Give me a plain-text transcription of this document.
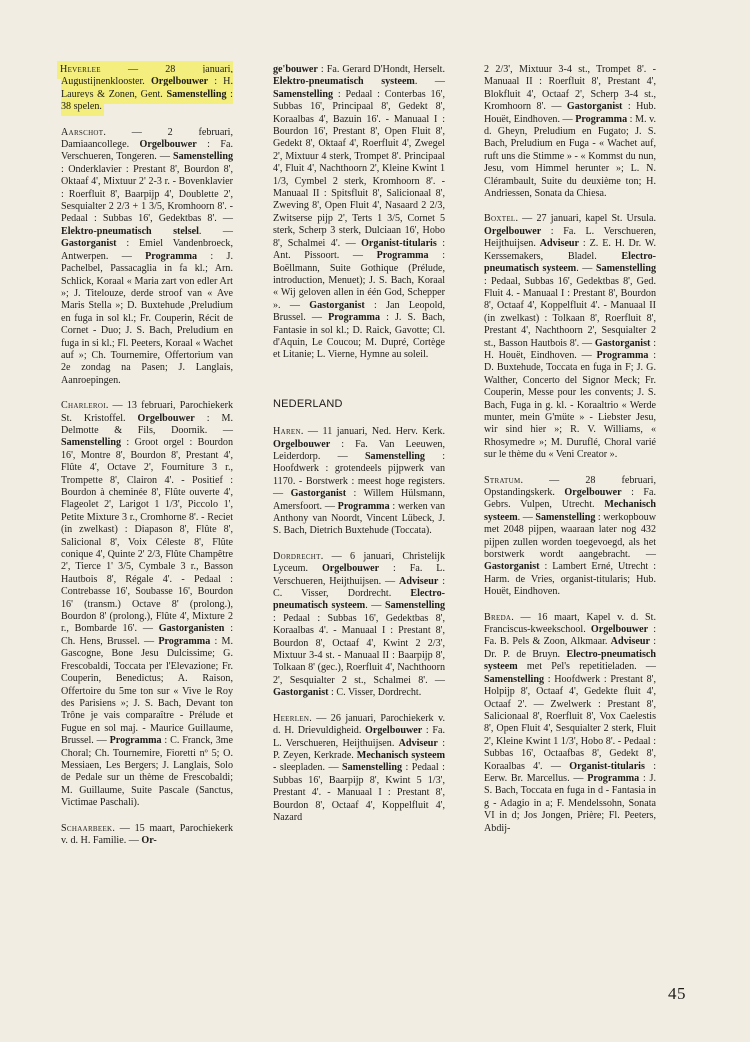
Heverlee — 28 januari, Augustijnenklooster. Orgelbouwer : H. Laureys & Zonen, Gent. Samenstelling : 38 spelen.

Aarschot. — 2 februari, Damiaancollege. Orgelbouwer : Fa. Verschueren, Tongeren. — Samenstelling : Onderklavier : Prestant 8', Bourdon 8', Oktaaf 4', Mixtuur 2' 2-3 r. - Bovenklavier : Roerfluit 8', Baarpijp 4', Doublette 2', Sesquialter 2 2/3 + 1 3/5, Kromhoorn 8'. - Pedaal : Subbas 16', Gedektbas 8'. — Elektro-pneumatisch stelsel. — Gastorganist : Emiel Vandenbroeck, Antwerpen. — Programma : J. Pachelbel, Passacaglia in fa kl.; Arn. Schlick, Koraal « Maria zart von edler Art »; J. Titelouze, derde stroof van « Ave Maris Stella »; D. Buxtehude ,Preludium en fuga in sol kl.; Fr. Couperin, Récit de Cornet - Duo; J. S. Bach, Preludium en fuga in si kl.; Fl. Peeters, Koraal « Wachet auf »; Ch. Tournemire, Offertorium van 2e zondag na Pasen; J. Langlais, Aanroepingen.

Charleroi. — 13 februari, Parochiekerk St. Kristoffel. Orgelbouwer : M. Delmotte & Fils, Doornik. — Samenstelling : Groot orgel : Bourdon 16', Montre 8', Bourdon 8', Prestant 4', Flûte 4', Octave 2', Fourniture 3 r., Trompette 8', Clairon 4'. - Positief : Bourdon à cheminée 8', Flûte ouverte 4', Flageolet 2', Larigot 1 1/3', Piccolo 1', Petite Mixture 3 r., Cromhorne 8'. - Reciet (in zwelkast) : Diapason 8', Flûte 8', Salicional 8', Voix Céleste 8', Flûte conique 4', Quinte 2' 2/3, Flûte Champêtre 2', Tierce 1' 3/5, Cymbale 3 r., Basson Hautbois 8', Régale 4'. - Pedaal : Contrebasse 16', Soubasse 16', Bourdon 16' (transm.) Octave 8' (prolong.), Bourdon 8' (prolong.), Flûte 4', Mixture 2 r., Bombarde 16'. — Gastorganisten : Ch. Hens, Brussel. — Programma : M. Gascogne, Bone Jesu Dulcissime; G. Frescobaldi, Toccata per l'Elevazione; Fr. Couperin, Benedictus; A. Raison, Offertoire du 5me ton sur « Vive le Roy des Parisiens »; J. S. Bach, Devant ton Trône je vais comparaître - Prélude et Fugue en sol maj. - Maurice Guillaume, Brussel. — Programma : C. Franck, 3me Choral; Ch. Tournemire, Fioretti nº 5; O. Messiaen, Les Bergers; J. Langlais, Solo de Pedale sur un thème de Frescobaldi; M. Guillaume, Suite Pascale (Sanctus, Victimae Paschali).

Schaarbeek. — 15 maart, Parochiekerk v. d. H. Familie. — Or-

ge'bouwer : Fa. Gerard D'Hondt, Herselt. Elektro-pneumatisch systeem. — Samenstelling : Pedaal : Conterbas 16', Subbas 16', Principaal 8', Gedekt 8', Koraalbas 4', Bazuin 16'. - Manuaal I : Bourdon 16', Prestant 8', Open Fluit 8', Gedekt 8', Oktaaf 4', Roerfluit 4', Zwegel 2', Mixtuur 4 sterk, Trompet 8'. Principaal 4', Fluit 4', Nachthoorn 2', Kleine Kwint 1 1/3, Cymbel 2 sterk, Kromhoorn 8'. - Manuaal II : Spitsfluit 8', Salicionaal 8', Zweving 8', Open Fluit 4', Nasaard 2 2/3, Zwitserse pijp 2', Terts 1 3/5, Cornet 5 sterk, Scherp 3 sterk, Dulciaan 16', Hobo 8', Schalmei 4'. — Organist-titularis : Ant. Pissoort. — Programma : Boëllmann, Suite Gothique (Prélude, introduction, Menuet); J. S. Bach, Koraal « Wij geloven allen in één God, Schepper ». — Gastorganist : Jan Leopold, Brussel. — Programma : J. S. Bach, Fantasie in sol kl.; D. Raick, Gavotte; Cl. d'Aquin, Le Coucou; M. Dupré, Cortège et Litanie; L. Vierne, Hymne au soleil.

NEDERLAND

Haren. — 11 januari, Ned. Herv. Kerk. Orgelbouwer : Fa. Van Leeuwen, Leiderdorp. — Samenstelling : Hoofdwerk : grotendeels pijpwerk van 1170. - Borstwerk : meest hoge registers. — Gastorganist : Willem Hülsmann, Amersfoort. — Programma : werken van Anthony van Noordt, Vincent Lübeck, J. S. Bach, Dietrich Buxtehude (Toccata).

Dordrecht. — 6 januari, Christelijk Lyceum. Orgelbouwer : Fa. L. Verschueren, Heijthuijsen. — Adviseur : C. Visser, Dordrecht. Electro-pneumatisch systeem. — Samenstelling : Pedaal : Subbas 16', Gedektbas 8', Koraalbas 4'. - Manuaal I : Prestant 8', Bourdon 8', Octaaf 4', Kwint 2 2/3', Mixtuur 3-4 st. - Manuaal II : Baarpijp 8', Tolkaan 8' (gec.), Roerfluit 4', Nachthoorn 2', Sesquialter 2 st., Schalmei 8'. — Gastorganist : C. Visser, Dordrecht.

Heerlen. — 26 januari, Parochiekerk v. d. H. Drievuldigheid. Orgelbouwer : Fa. L. Verschueren, Heijthuijsen. Adviseur : P. Zeyen, Kerkrade. Mechanisch systeem - sleepladen. — Samenstelling : Pedaal : Subbas 16', Baarpijp 8', Kwint 5 1/3', Prestant 4'. - Manuaal I : Prestant 8', Bourdon 8', Octaaf 4', Koppelfluit 4', Nazard

2 2/3', Mixtuur 3-4 st., Trompet 8'. - Manuaal II : Roerfluit 8', Prestant 4', Blokfluit 4', Octaaf 2', Scherp 3-4 st., Kromhoorn 8'. — Gastorganist : Hub. Houët, Eindhoven. — Programma : M. v. d. Gheyn, Preludium en Fugato; J. S. Bach, Preludium en Fuga - « Wachet auf, ruft uns die Stimme » - « Kommst du nun, Jesu, vom Himmel herunter »; L. N. Clérambault, Suite du deuxième ton; H. Andriessen, Sonata da Chiesa.

Boxtel. — 27 januari, kapel St. Ursula. Orgelbouwer : Fa. L. Verschueren, Heijthuijsen. Adviseur : Z. E. H. Dr. W. Kerssemakers, Bladel. Electro-pneumatisch systeem. — Samenstelling : Pedaal, Subbas 16', Gedektbas 8', Ged. Fluit 4. - Manuaal I : Prestant 8', Bourdon 8', Octaaf 4', Koppelfluit 4'. - Manuaal II (in zwelkast) : Tolkaan 8', Roerfluit 8', Prestant 4', Nachthoorn 2', Sesquialter 2 st., Basson Hautbois 8'. — Gastorganist : H. Houët, Eindhoven. — Programma : D. Buxtehude, Toccata en fuga in F; J. G. Walther, Concerto del Signor Meck; Fr. Couperin, Messe pour les convents; J. S. Bach, Fuga in g. kl. - Koraaltrio « Werde munter, mein G'müte » - Liebster Jesu, wir sind hier »; R. V. Williams, « Rhosymedre »; M. Duruflé, Choral varié sur le thème du « Veni Creator ».

Stratum. — 28 februari, Opstandingskerk. Orgelbouwer : Fa. Gebrs. Vulpen, Utrecht. Mechanisch systeem. — Samenstelling : werkopbouw met 2048 pijpen, waaraan later nog 432 pijpen zullen worden toegevoegd, als het borstwerk wordt aangebracht. — Gastorganist : Lambert Erné, Utrecht : Harm. de Vries, organist-titularis; Hub. Houët, Eindhoven.

Breda. — 16 maart, Kapel v. d. St. Franciscus-kweekschool. Orgelbouwer : Fa. B. Pels & Zoon, Alkmaar. Adviseur : Dr. P. de Bruyn. Electro-pneumatisch systeem met Pel's repetitieladen. — Samenstelling : Hoofdwerk : Prestant 8', Holpijp 8', Octaaf 4', Gedekte fluit 4', Octaaf 2'. — Zwelwerk : Prestant 8', Salicionaal 8', Roerfluit 8', Vox Caelestis 8', Open Fluit 4', Sesquialter 2 sterk, Fluit 2', Kleine Kwint 1 1/3', Hobo 8'. - Pedaal : Subbas 16', Octaafbas 8', Gedekt 8', Koraalbas 4'. — Organist-titularis : Eerw. Br. Marcellus. — Programma : J. S. Bach, Toccata en fuga in d - Fantasia in g - Adagio in a; F. Mendelssohn, Sonata VI in d; Jos Jongen, Prière; Fl. Peeters, Abdij-

45
